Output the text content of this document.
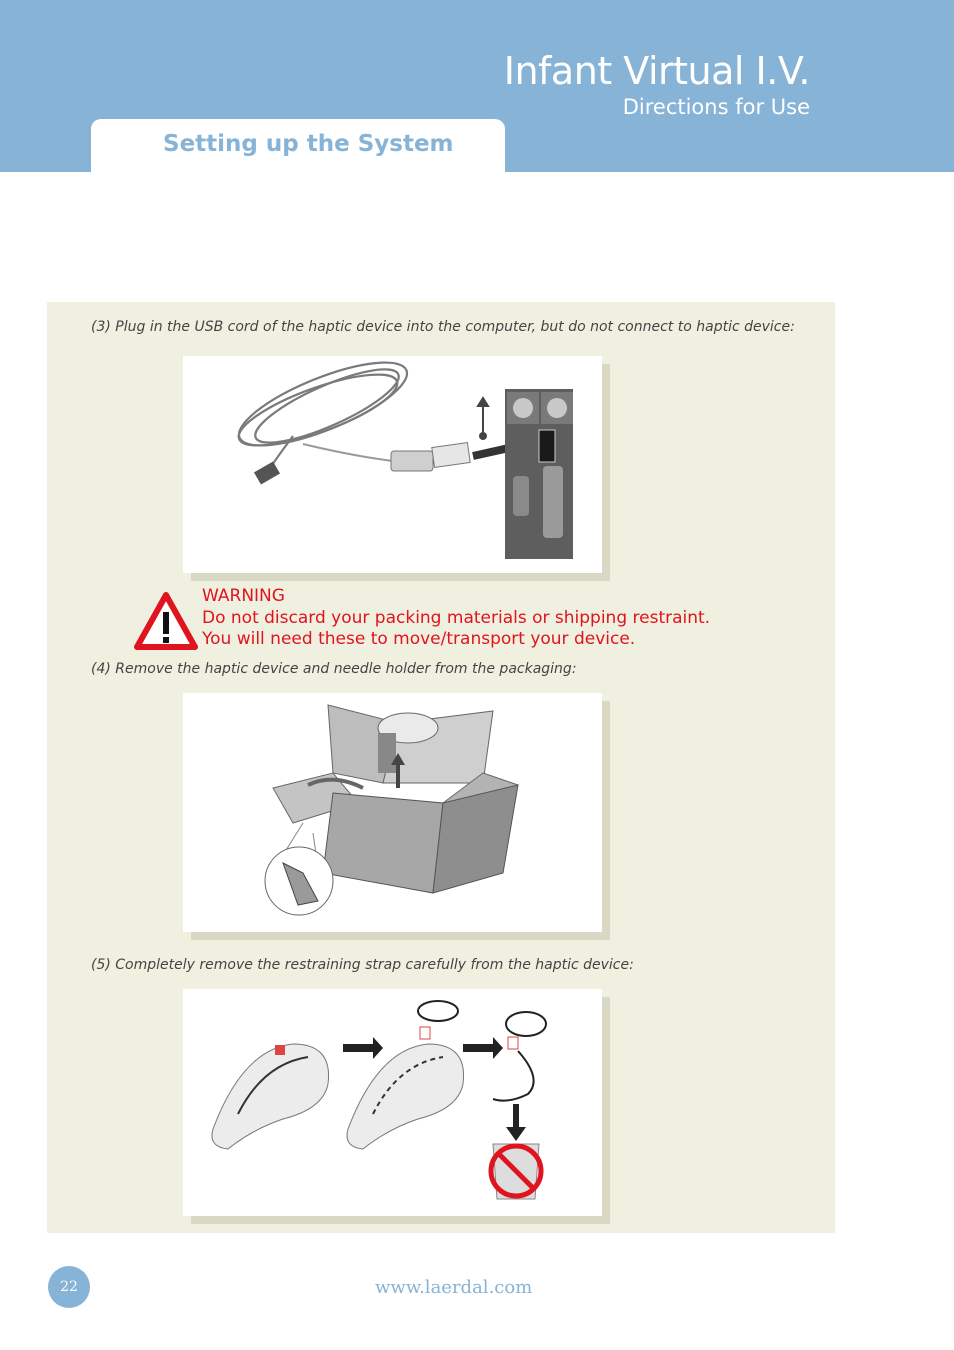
Infant Virtual I.V.
Directions for Use
Setting up the System
(3) Plug in the USB cord of the haptic device into the computer, but do not connect to haptic device:
WARNING
Do not discard your packing materials or shipping restraint.
You will need these to move/transport your device.
(4) Remove the haptic device and needle holder from the packaging:
(5) Completely remove the restraining strap carefully from the haptic device:
22	www.laerdal.com
